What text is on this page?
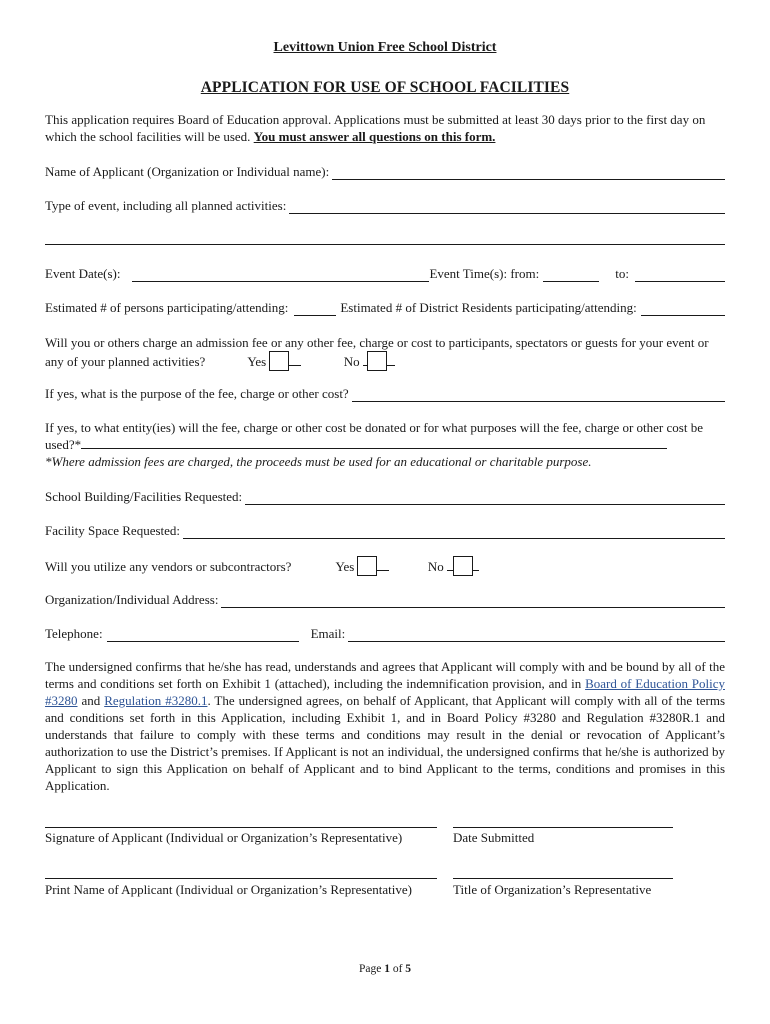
Levittown Union Free School District
APPLICATION FOR USE OF SCHOOL FACILITIES
This application requires Board of Education approval. Applications must be submitted at least 30 days prior to the first day on which the school facilities will be used. You must answer all questions on this form.
Name of Applicant (Organization or Individual name):
Type of event, including all planned activities:
Event Date(s):	Event Time(s): from:	to:
Estimated # of persons participating/attending:	Estimated # of District Residents participating/attending:
Will you or others charge an admission fee or any other fee, charge or cost to participants, spectators or guests for your event or any of your planned activities?	Yes	No
If yes, what is the purpose of the fee, charge or other cost?
If yes, to what entity(ies) will the fee, charge or other cost be donated or for what purposes will the fee, charge or other cost be used?*
*Where admission fees are charged, the proceeds must be used for an educational or charitable purpose.
School Building/Facilities Requested:
Facility Space Requested:
Will you utilize any vendors or subcontractors?	Yes	No
Organization/Individual Address:
Telephone:	Email:
The undersigned confirms that he/she has read, understands and agrees that Applicant will comply with and be bound by all of the terms and conditions set forth on Exhibit 1 (attached), including the indemnification provision, and in Board of Education Policy #3280 and Regulation #3280.1. The undersigned agrees, on behalf of Applicant, that Applicant will comply with all of the terms and conditions set forth in this Application, including Exhibit 1, and in Board Policy #3280 and Regulation #3280R.1 and understands that failure to comply with these terms and conditions may result in the denial or revocation of Applicant’s authorization to use the District’s premises. If Applicant is not an individual, the undersigned confirms that he/she is authorized by Applicant to sign this Application on behalf of Applicant and to bind Applicant to the terms, conditions and promises in this Application.
Signature of Applicant (Individual or Organization’s Representative)	Date Submitted
Print Name of Applicant (Individual or Organization’s Representative)	Title of Organization’s Representative
Page 1 of 5
